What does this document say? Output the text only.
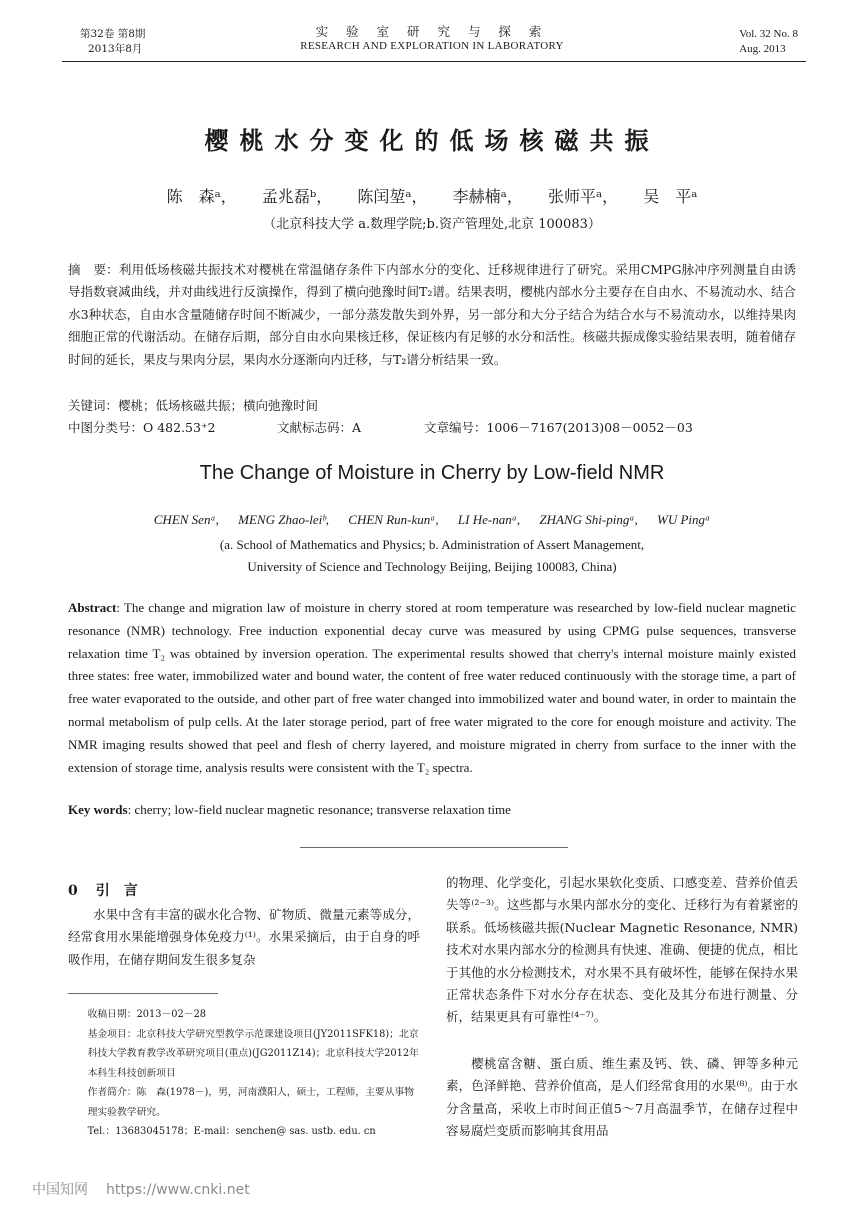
第32卷 第8期
2013年8月
实 验 室 研 究 与 探 索
RESEARCH AND EXPLORATION IN LABORATORY
Vol. 32 No. 8
Aug. 2013
樱桃水分变化的低场核磁共振
陈　森ᵃ， 孟兆磊ᵇ， 陈闰堃ᵃ， 李赫楠ᵃ， 张师平ᵃ， 吴　平ᵃ
（北京科技大学 a.数理学院;b.资产管理处,北京 100083）
摘　要：利用低场核磁共振技术对樱桃在常温储存条件下内部水分的变化、迁移规律进行了研究。采用CMPG脉冲序列测量自由诱导指数衰减曲线，并对曲线进行反演操作，得到了横向弛豫时间T₂谱。结果表明，樱桃内部水分主要存在自由水、不易流动水、结合水3种状态，自由水含量随储存时间不断减少，一部分蒸发散失到外界，另一部分和大分子结合为结合水与不易流动水，以维持果肉细胞正常的代谢活动。在储存后期，部分自由水向果核迁移，保证核内有足够的水分和活性。核磁共振成像实验结果表明，随着储存时间的延长，果皮与果肉分层，果肉水分逐渐向内迁移，与T₂谱分析结果一致。
关键词：樱桃；低场核磁共振；横向弛豫时间
中图分类号：O 482.53⁺2	文献标志码：A	文章编号：1006－7167(2013)08－0052－03
The Change of Moisture in Cherry by Low-field NMR
CHEN Senᵃ, MENG Zhao-leiᵇ, CHEN Run-kunᵃ, LI He-nanᵃ, ZHANG Shi-pingᵃ, WU Pingᵃ
(a. School of Mathematics and Physics; b. Administration of Assert Management,
University of Science and Technology Beijing, Beijing 100083, China)
Abstract: The change and migration law of moisture in cherry stored at room temperature was researched by low-field nuclear magnetic resonance (NMR) technology. Free induction exponential decay curve was measured by using CPMG pulse sequences, transverse relaxation time T₂ was obtained by inversion operation. The experimental results showed that cherry's internal moisture mainly existed three states: free water, immobilized water and bound water, the content of free water reduced continuously with the storage time, a part of free water evaporated to the outside, and other part of free water changed into immobilized water and bound water, in order to maintain the normal metabolism of pulp cells. At the later storage period, part of free water migrated to the core for enough moisture and activity. The NMR imaging results showed that peel and flesh of cherry layered, and moisture migrated in cherry from surface to the inner with the extension of storage time, analysis results were consistent with the T₂ spectra.
Key words: cherry; low-field nuclear magnetic resonance; transverse relaxation time
0 引　言
水果中含有丰富的碳水化合物、矿物质、微量元素等成分，经常食用水果能增强身体免疫力⁽¹⁾。水果采摘后，由于自身的呼吸作用，在储存期间发生很多复杂
收稿日期：2013－02－28
基金项目：北京科技大学研究型教学示范课建设项目(JY2011SFK18)；北京科技大学教育教学改革研究项目(重点)(JG2011Z14)；北京科技大学2012年本科生科技创新项目
作者简介：陈　森(1978－)，男，河南濮阳人，硕士，工程师，主要从事物理实验教学研究。
Tel.：13683045178；E-mail：senchen@ sas. ustb. edu. cn
的物理、化学变化，引起水果软化变质、口感变差、营养价值丢失等⁽²⁻³⁾。这些都与水果内部水分的变化、迁移行为有着紧密的联系。低场核磁共振(Nuclear Magnetic Resonance, NMR)技术对水果内部水分的检测具有快速、准确、便捷的优点，相比于其他的水分检测技术，对水果不具有破坏性，能够在保持水果正常状态条件下对水分存在状态、变化及其分布进行测量、分析，结果更具有可靠性⁽⁴⁻⁷⁾。
樱桃富含糖、蛋白质、维生素及钙、铁、磷、钾等多种元素，色泽鲜艳、营养价值高，是人们经常食用的水果⁽⁸⁾。由于水分含量高，采收上市时间正值5～7月高温季节，在储存过程中容易腐烂变质而影响其食用品
中国知网 https://www.cnki.net
